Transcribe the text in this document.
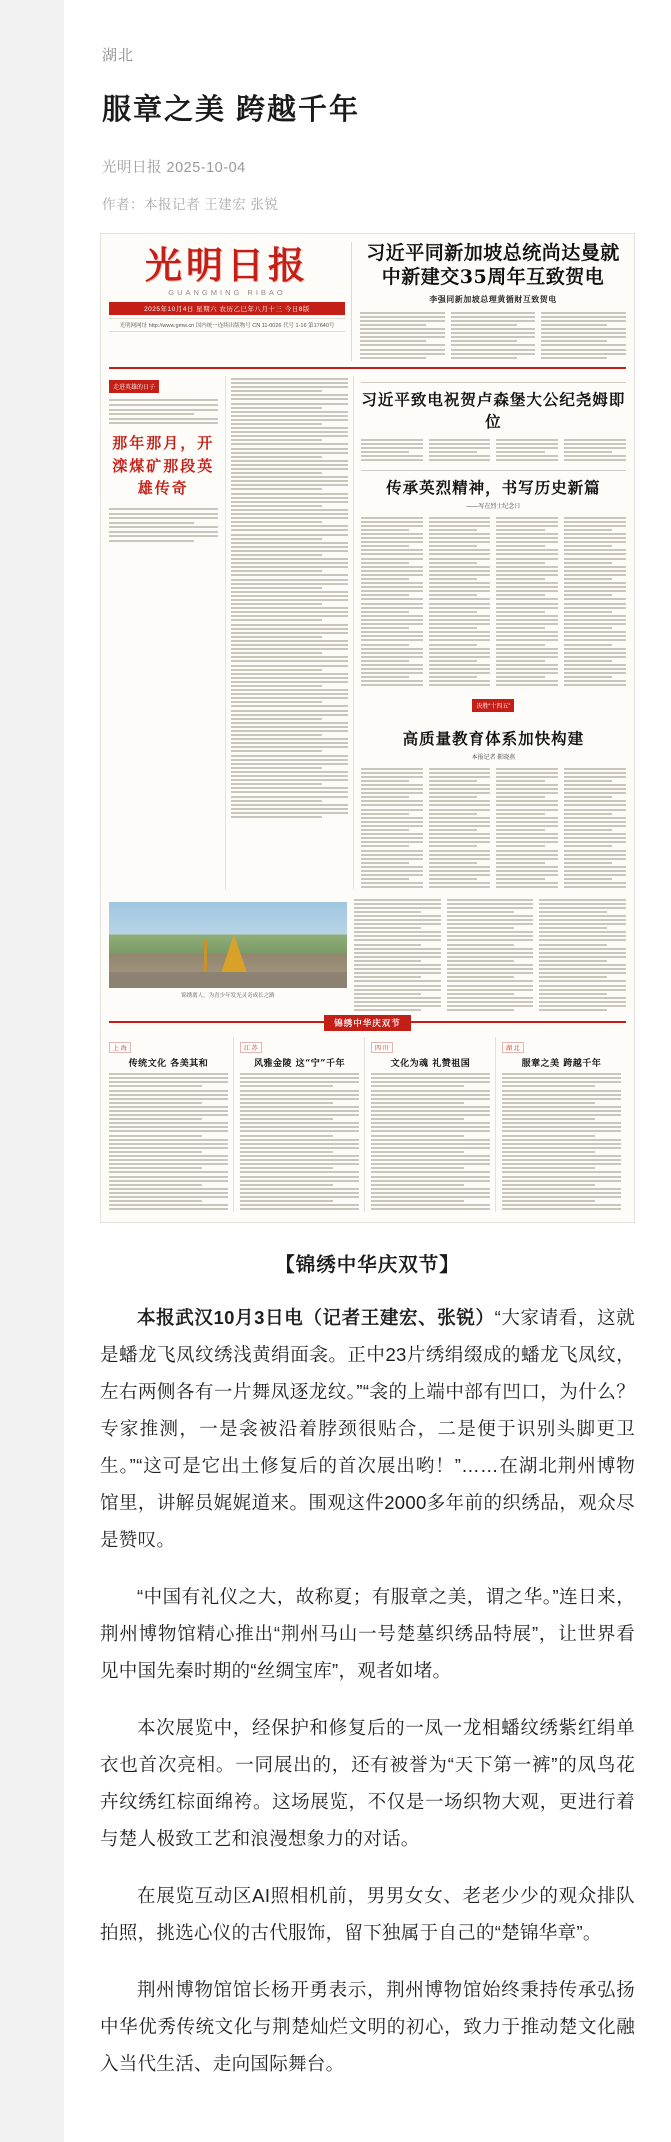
湖北
服章之美 跨越千年
光明日报 2025-10-04
作者：本报记者 王建宏 张锐
光明日报
GUANGMING RIBAO
2025年10月4日 星期六 农历乙巳年八月十三 今日8版
光明网网址 http://www.gmw.cn 国内统一连续出版物号 CN 11-0026 代号 1-16 第17640号
习近平同新加坡总统尚达曼就中新建交35周年互致贺电
李强同新加坡总理黄循财互致贺电
走进英雄的日子
那年那月，开滦煤矿那段英雄传奇
习近平致电祝贺卢森堡大公纪尧姆即位
传承英烈精神，书写历史新篇
——写在烈士纪念日
决胜“十四五”
高质量教育体系加快构建
本报记者 靳晓燕
锦绣离人，为青少年发光灵奇成长之路
锦绣中华庆双节
上 海
传统文化 各美其和
江 苏
风雅金陵 这“宁”千年
四 川
文化为魂 礼赞祖国
湖 北
服章之美 跨越千年
【锦绣中华庆双节】

本报武汉10月3日电（记者王建宏、张锐）“大家请看，这就是蟠龙飞凤纹绣浅黄绢面衾。正中23片绣绢缀成的蟠龙飞凤纹，左右两侧各有一片舞凤逐龙纹。”“衾的上端中部有凹口，为什么？专家推测，一是衾被沿着脖颈很贴合，二是便于识别头脚更卫生。”“这可是它出土修复后的首次展出哟！”……在湖北荆州博物馆里，讲解员娓娓道来。围观这件2000多年前的织绣品，观众尽是赞叹。

“中国有礼仪之大，故称夏；有服章之美，谓之华。”连日来，荆州博物馆精心推出“荆州马山一号楚墓织绣品特展”，让世界看见中国先秦时期的“丝绸宝库”，观者如堵。

本次展览中，经保护和修复后的一凤一龙相蟠纹绣紫红绢单衣也首次亮相。一同展出的，还有被誉为“天下第一裤”的凤鸟花卉纹绣红棕面绵袴。这场展览，不仅是一场织物大观，更进行着与楚人极致工艺和浪漫想象力的对话。

在展览互动区AI照相机前，男男女女、老老少少的观众排队拍照，挑选心仪的古代服饰，留下独属于自己的“楚锦华章”。

荆州博物馆馆长杨开勇表示，荆州博物馆始终秉持传承弘扬中华优秀传统文化与荆楚灿烂文明的初心，致力于推动楚文化融入当代生活、走向国际舞台。
